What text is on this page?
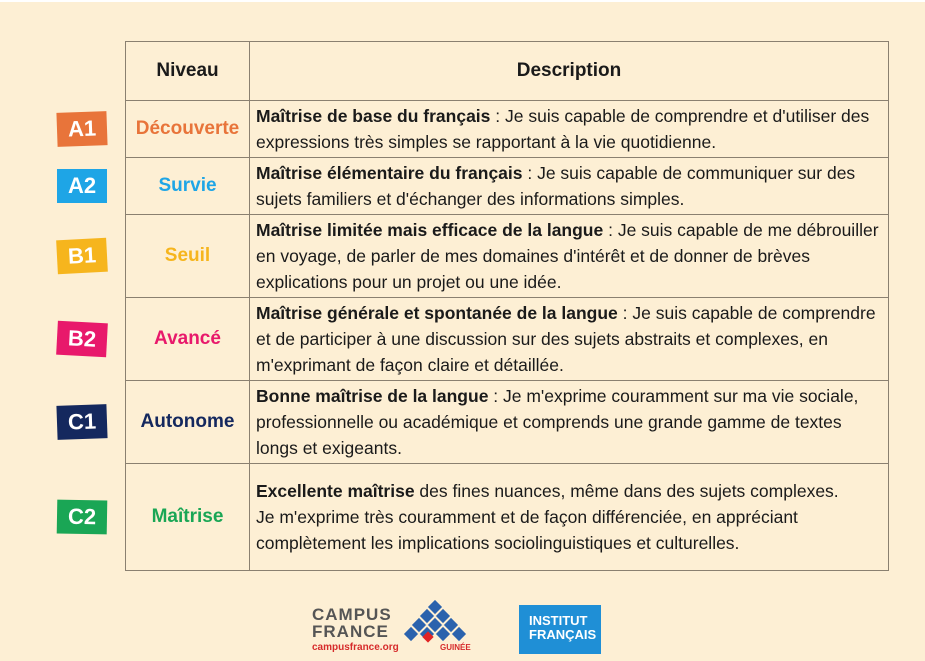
Niveau	Description
Découverte	Maîtrise de base du français : Je suis capable de comprendre et d'utiliser des expressions très simples se rapportant à la vie quotidienne.
Survie	Maîtrise élémentaire du français : Je suis capable de communiquer sur des sujets familiers et d'échanger des informations simples.
Seuil	Maîtrise limitée mais efficace de la langue : Je suis capable de me débrouiller en voyage, de parler de mes domaines d'intérêt et de donner de brèves explications pour un projet ou une idée.
Avancé	Maîtrise générale et spontanée de la langue : Je suis capable de comprendre et de participer à une discussion sur des sujets abstraits et complexes, en m'exprimant de façon claire et détaillée.
Autonome	Bonne maîtrise de la langue : Je m'exprime couramment sur ma vie sociale, professionnelle ou académique et comprends une grande gamme de textes longs et exigeants.
Maîtrise	Excellente maîtrise des fines nuances, même dans des sujets complexes.
Je m'exprime très couramment et de façon différenciée, en appréciant complètement les implications sociolinguistiques et culturelles.
A1
A2
B1
B2
C1
C2
CAMPUS
FRANCE
campusfrance.org	GUINÉE
INSTITUT
FRANÇAIS
